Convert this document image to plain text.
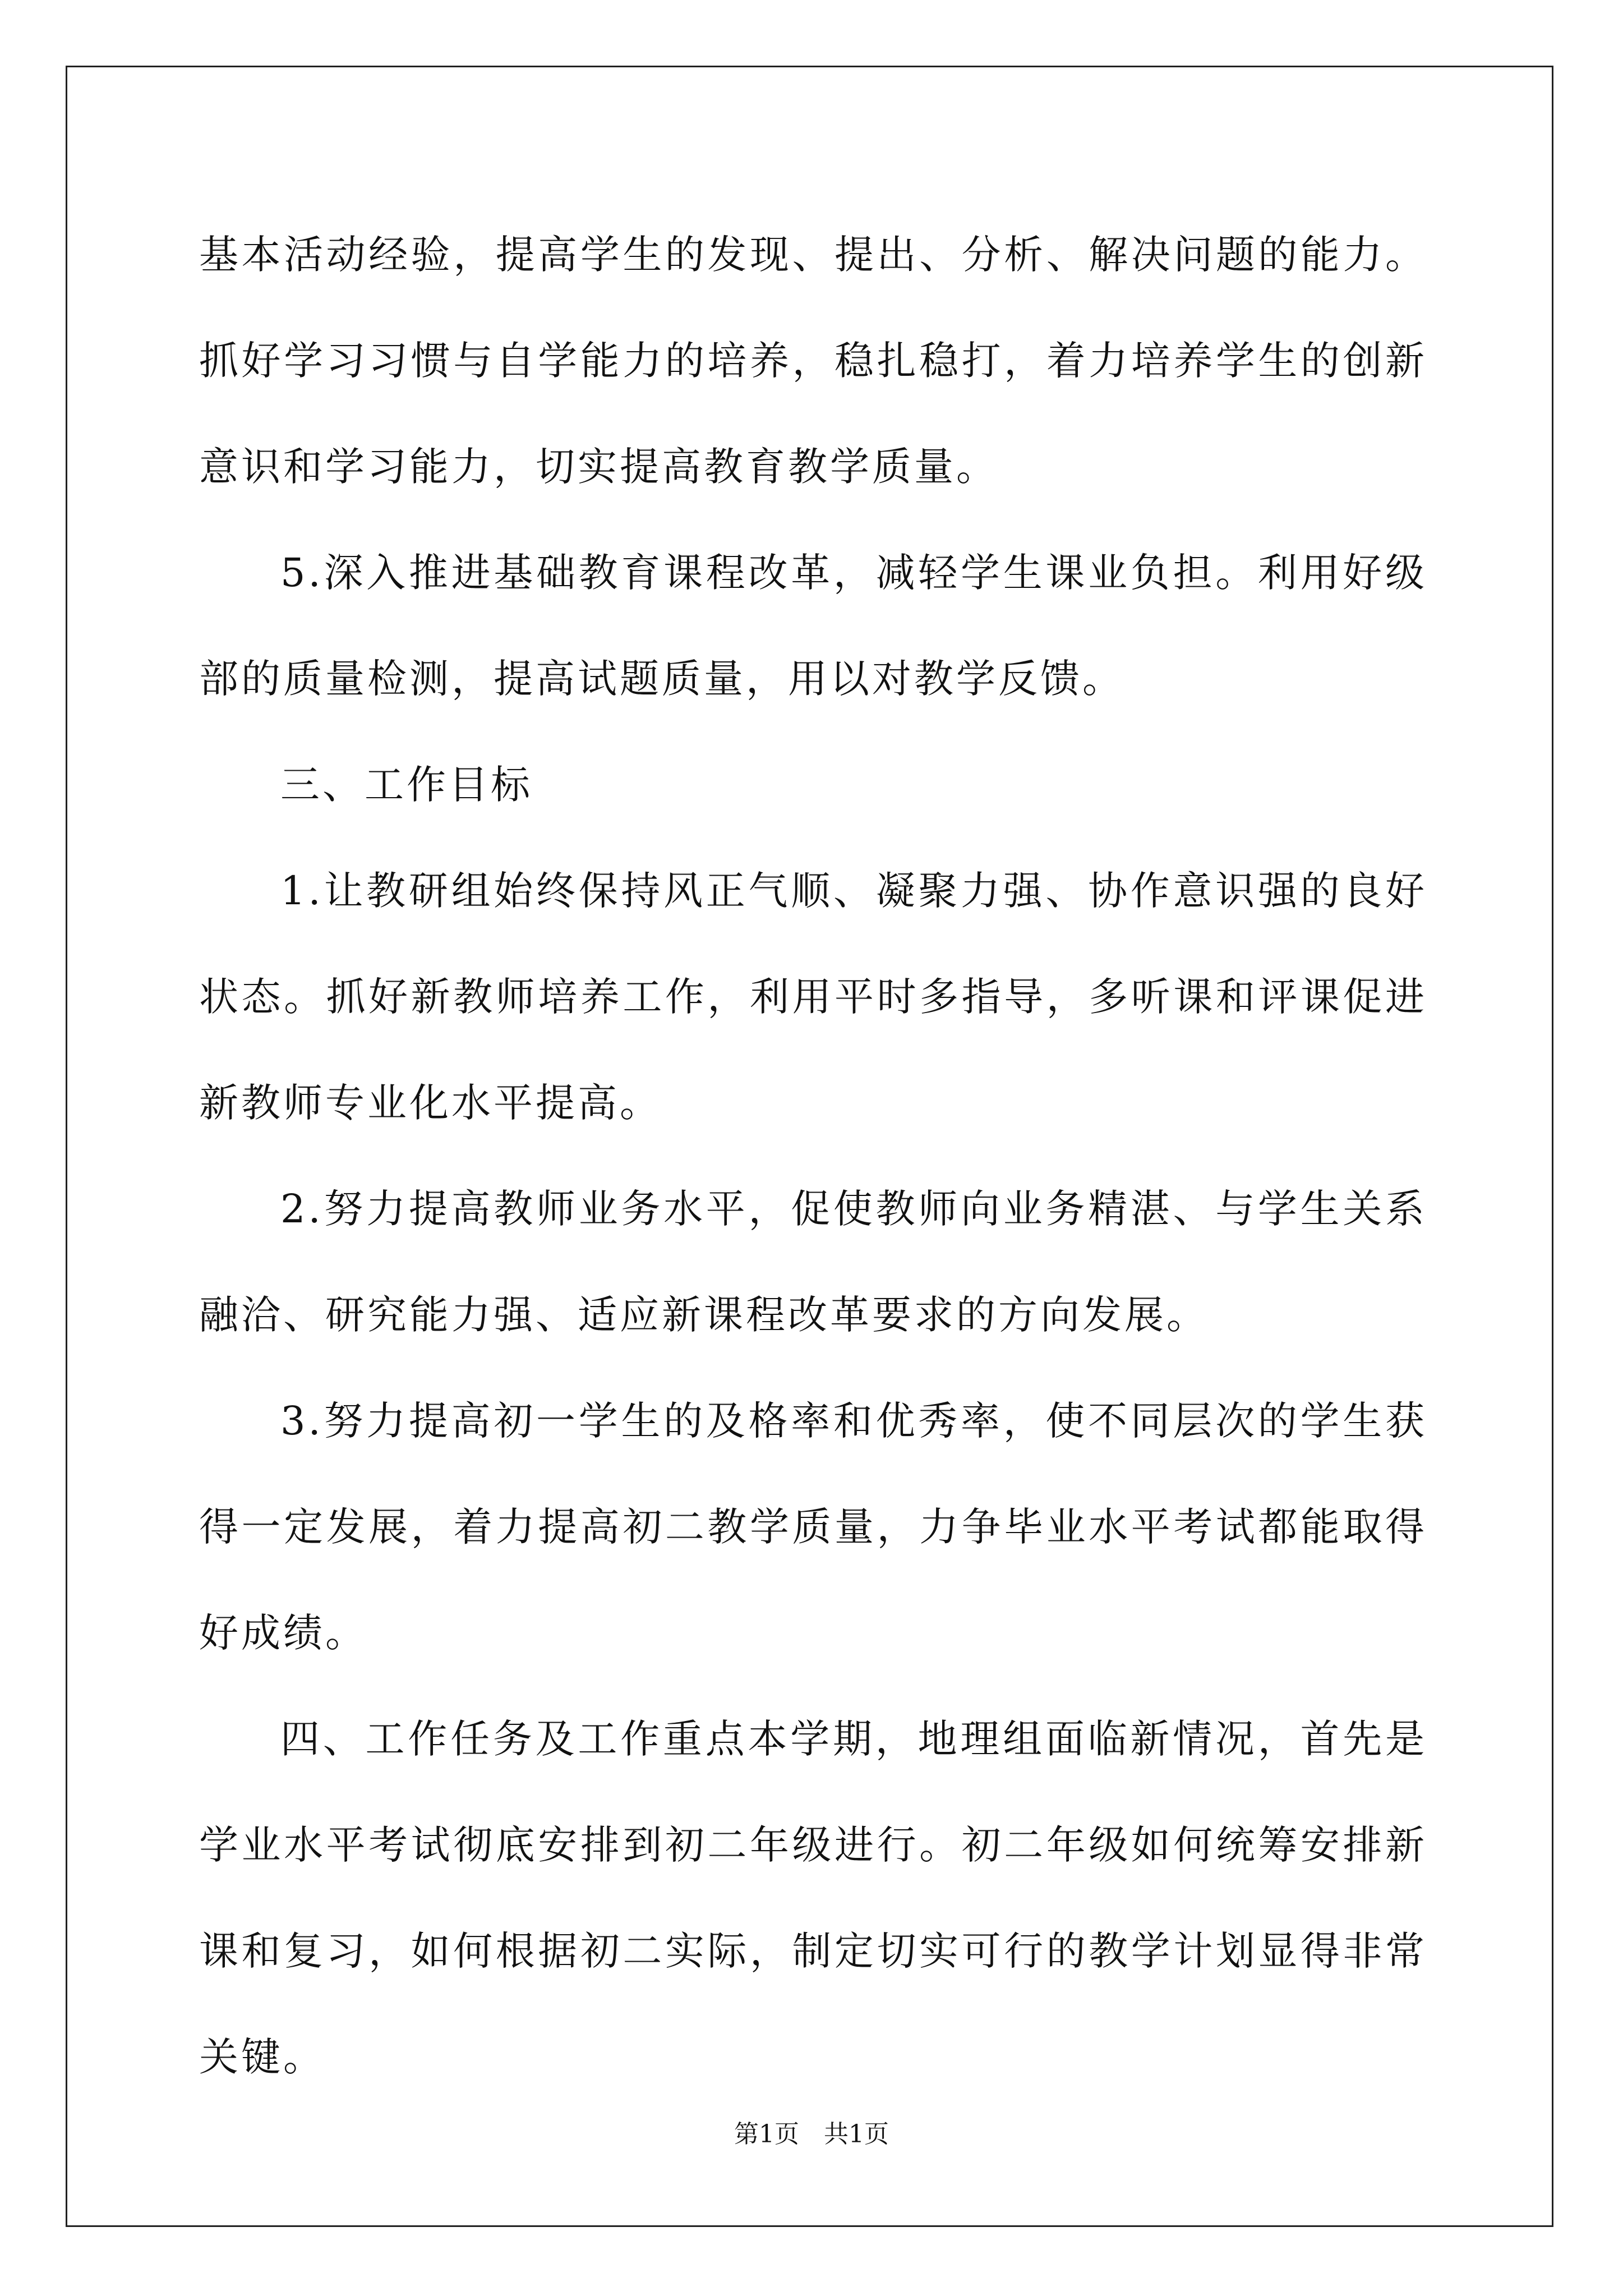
基本活动经验，提高学生的发现、提出、分析、解决问题的能力。抓好学习习惯与自学能力的培养，稳扎稳打，着力培养学生的创新意识和学习能力，切实提高教育教学质量。

5.深入推进基础教育课程改革，减轻学生课业负担。利用好级部的质量检测，提高试题质量，用以对教学反馈。

三、工作目标

1.让教研组始终保持风正气顺、凝聚力强、协作意识强的良好状态。抓好新教师培养工作，利用平时多指导，多听课和评课促进新教师专业化水平提高。

2.努力提高教师业务水平，促使教师向业务精湛、与学生关系融洽、研究能力强、适应新课程改革要求的方向发展。

3.努力提高初一学生的及格率和优秀率，使不同层次的学生获得一定发展，着力提高初二教学质量，力争毕业水平考试都能取得好成绩。

四、工作任务及工作重点本学期，地理组面临新情况，首先是学业水平考试彻底安排到初二年级进行。初二年级如何统筹安排新课和复习，如何根据初二实际，制定切实可行的教学计划显得非常关键。

第1页　共1页
